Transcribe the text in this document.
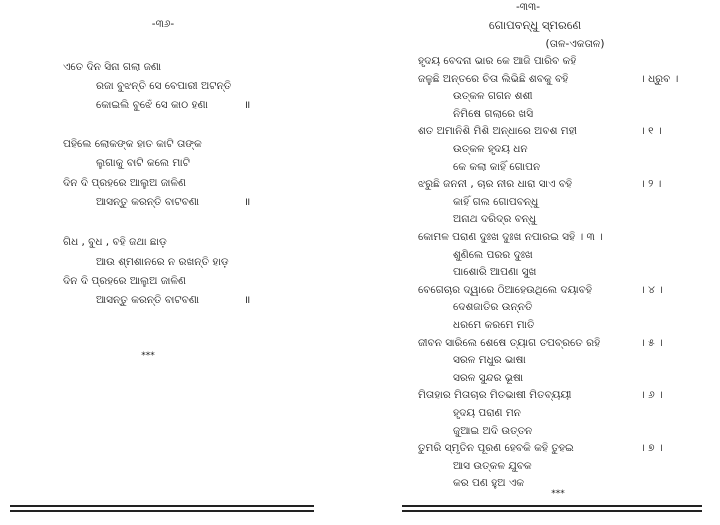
-୩୬-
ଏତେ ଦିନ ସିନା ଗଲା ଜଣା
ରଜା ବୁଝନ୍ତି ସେ ବେପାରୀ ଅଟନ୍ତି
କୋଇଲି ବୁଝେଁ ସେ କାଠ ହଣା	॥
ପହିଲେ ଲୋକଙ୍କ ହାତ କାଟି ତାଙ୍କ
ଲୁଗାକୁ ବାଟି କଲେ ମାଟି
ଦିନ ଦି ପ୍ରହରେ ଆଲୁଅ ଜାଳିଣ
ଆସନ୍ତୁ କରନ୍ତି ବାଟବଣା	॥
ଗିଧ , ବୁଧ , ବହି ଜଥା ଛାଡ଼
ଆଉ ଶ୍ମଶାନରେ ନ ରଖନ୍ତି ହାଡ଼
ଦିନ ଦି ପ୍ରହରେ ଆଲୁଅ ଜାଳିଣ
ଆସନ୍ତୁ କରନ୍ତି ବାଟବଣା	॥
***
-୩୩-
ଗୋପବନ୍ଧୁ ସ୍ମରଣେ
(ତାଳ-ଏକତାଳ)
ହୃଦୟ ବେଦନା ଭାର କେ ଆଜି ପାରିବ କହି
ଜଳୁଛି ଅନ୍ତରେ ଚିତା ଲିଭିଛି ଶବକୁ ବହି	। ଧ୍ରୁବ ।
ଉତ୍କଳ ଗଗନ ଶଶୀ
ନିମିଷେ ଗଲାରେ ଖସି
ଶତ ଅମାନିଶି ମିଶି ଅନ୍ଧାରେ ଅବଶ ମହୀ	। ୧ ।
ଉତ୍କଳ ହୃଦୟ ଧନ
କେ କଲା କାହିଁ ଗୋପନ
ଝରୁଛି ଜନନୀ , ଚାର ନୀର ଧାରା ସାଏ ବହି	। ୨ ।
କାହିଁ ଗଲ ଗୋପବନ୍ଧୁ
ଅନାଥ ଦରିଦ୍ର ବନ୍ଧୁ
କୋମଳ ପରାଣ ଦୁଃଖ ଦୁଃଖ ନପାରଇ ସହି । ୩ ।
ଶୁଣିଲେ ପରର ଦୁଃଖ
ପାଶୋରି ଆପଣା ସୁଖ
ବେଗେଚାର ଦ୍ୱାରେ ଠିଆହେଉଥିଲେ ଦୟାବହି	। ୪ ।
ଦେଶଜାତିର ଉନ୍ନତି
ଧରମେ କରମେ ମାତି
ଜୀବନ ସାରିଲେ ଶେଷେ ତ୍ୟାଗ ତପବ୍ରତେ ରହି	। ୫ ।
ସରଳ ମଧୁର ଭାଷା
ସରଳ ସୁନ୍ଦର ଭୂଷା
ମିତାହାର ମିତାଚାର ମିତଭାଷୀ ମିତବ୍ୟୟୀ	। ୬ ।
ହୃଦୟ ପରାଣ ମନ
ଜୁଆଇ ଅଦି ଉତ୍ତନ
ତୁମରି ସ୍ମୃତିନ ପୂରଣ ହେବକି କହି ତୁହଇ	। ୭ ।
ଆସ ଉତ୍କଳ ଯୁବକ
କର ପଣ ହୁଅ ଏକ
***
